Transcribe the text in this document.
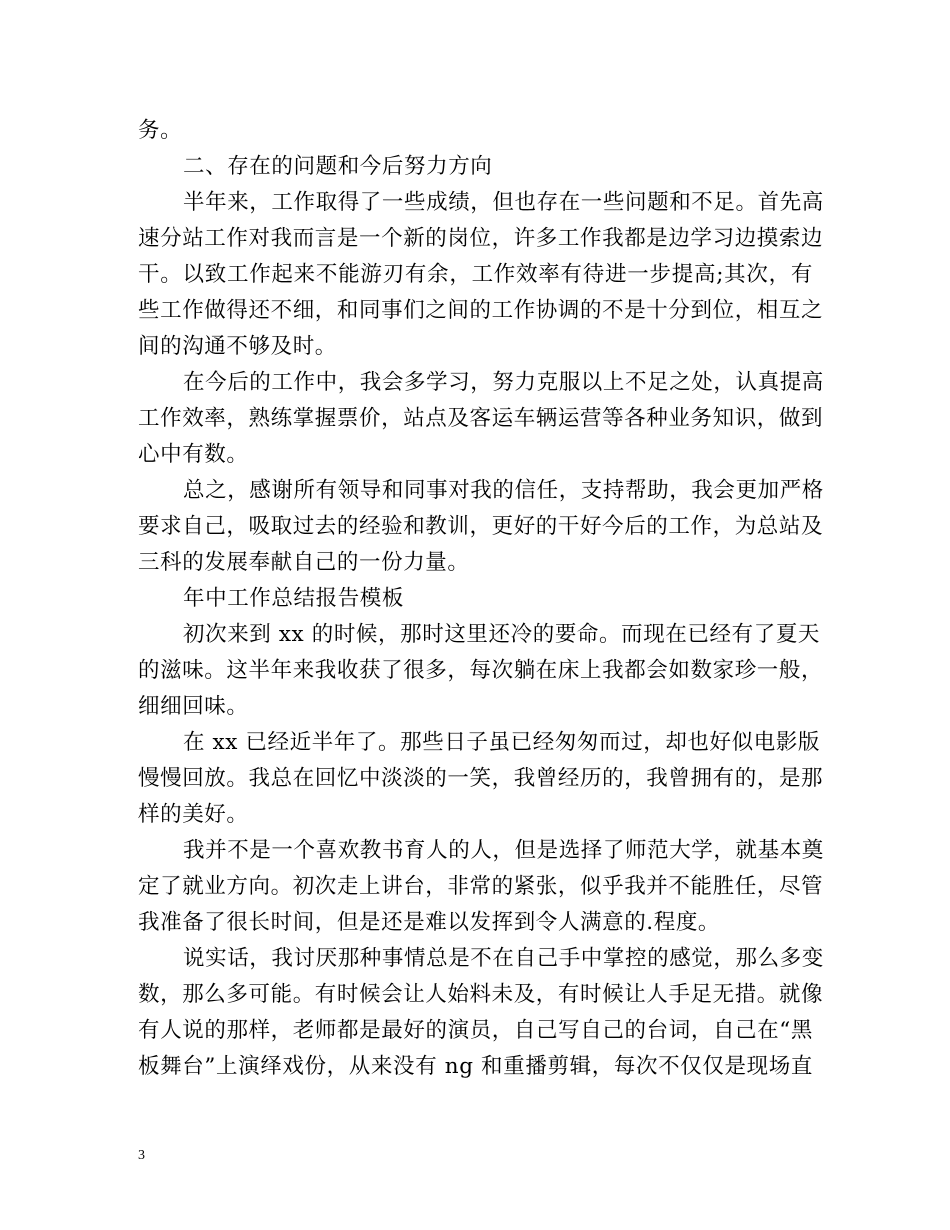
务。
二、存在的问题和今后努力方向
半年来，工作取得了一些成绩，但也存在一些问题和不足。首先高
速分站工作对我而言是一个新的岗位，许多工作我都是边学习边摸索边
干。以致工作起来不能游刃有余，工作效率有待进一步提高;其次，有
些工作做得还不细，和同事们之间的工作协调的不是十分到位，相互之
间的沟通不够及时。
在今后的工作中，我会多学习，努力克服以上不足之处，认真提高
工作效率，熟练掌握票价，站点及客运车辆运营等各种业务知识，做到
心中有数。
总之，感谢所有领导和同事对我的信任，支持帮助，我会更加严格
要求自己，吸取过去的经验和教训，更好的干好今后的工作，为总站及
三科的发展奉献自己的一份力量。
年中工作总结报告模板
初次来到 xx 的时候，那时这里还冷的要命。而现在已经有了夏天
的滋味。这半年来我收获了很多，每次躺在床上我都会如数家珍一般，
细细回味。
在 xx 已经近半年了。那些日子虽已经匆匆而过，却也好似电影版
慢慢回放。我总在回忆中淡淡的一笑，我曾经历的，我曾拥有的，是那
样的美好。
我并不是一个喜欢教书育人的人，但是选择了师范大学，就基本奠
定了就业方向。初次走上讲台，非常的紧张，似乎我并不能胜任，尽管
我准备了很长时间，但是还是难以发挥到令人满意的.程度。
说实话，我讨厌那种事情总是不在自己手中掌控的感觉，那么多变
数，那么多可能。有时候会让人始料未及，有时候让人手足无措。就像
有人说的那样，老师都是最好的演员，自己写自己的台词，自己在“黑
板舞台”上演绎戏份，从来没有 ng 和重播剪辑，每次不仅仅是现场直
3
